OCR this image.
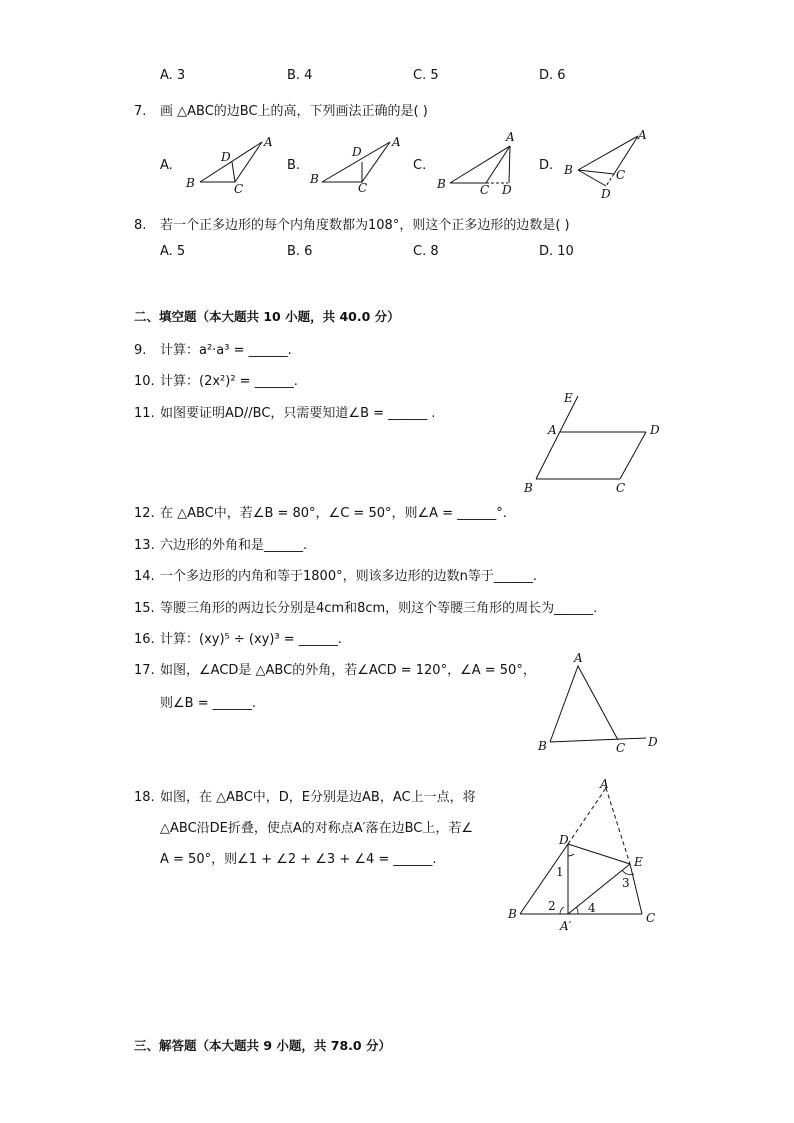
A. 3	B. 4	C. 5	D. 6
7. 画 △ABC的边BC上的高，下列画法正确的是( )
A.	B.	C.	D.
A
B	C
D
A
B
C
D
A
B	C D
A
B	C
D
8. 若一个正多边形的每个内角度数都为108°，则这个正多边形的边数是( )
A. 5	B. 6	C. 8	D. 10
二、填空题（本大题共 10 小题，共 40.0 分）
9. 计算：a²·a³ = ______.
10. 计算：(2x²)² = ______.
11. 如图要证明AD//BC，只需要知道∠B = ______ .
E
A	D
B	C
12. 在 △ABC中，若∠B = 80°，∠C = 50°，则∠A = ______°.
13. 六边形的外角和是______.
14. 一个多边形的内角和等于1800°，则该多边形的边数n等于______.
15. 等腰三角形的两边长分别是4cm和8cm，则这个等腰三角形的周长为______.
16. 计算：(xy)⁵ ÷ (xy)³ = ______.
17. 如图，∠ACD是 △ABC的外角，若∠ACD = 120°，∠A = 50°，
则∠B = ______.
A
B	C D
18. 如图，在 △ABC中，D，E分别是边AB，AC上一点，将
△ABC沿DE折叠，使点A的对称点A′落在边BC上，若∠
A = 50°，则∠1 + ∠2 + ∠3 + ∠4 = ______.
A
D
E
B	C
A′
1
2
3
4
三、解答题（本大题共 9 小题，共 78.0 分）
